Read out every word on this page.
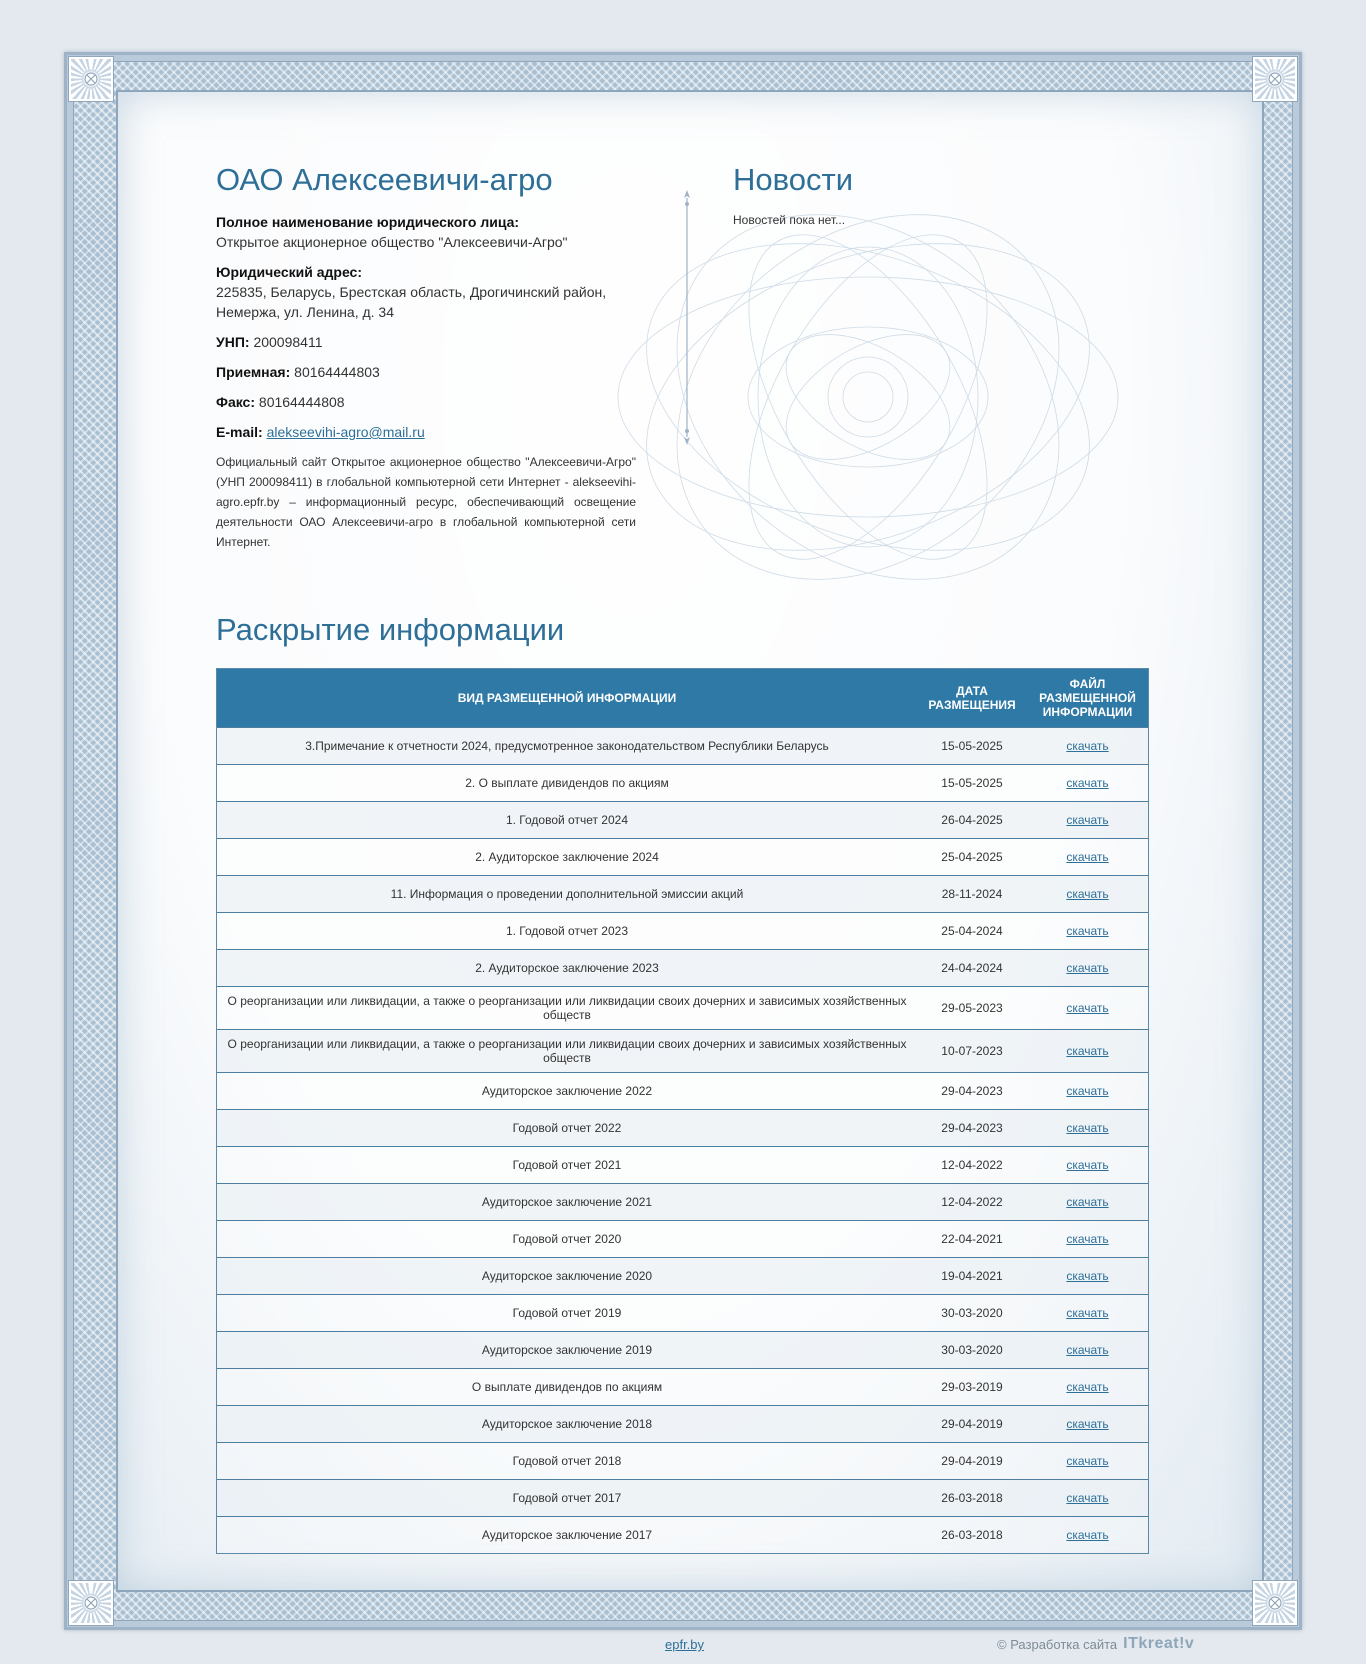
ОАО Алексеевичи-агро
Полное наименование юридического лица:
Открытое акционерное общество "Алексеевичи-Агро"
Юридический адрес:
225835, Беларусь, Брестская область, Дрогичинский район, Немержа, ул. Ленина, д. 34
УНП: 200098411
Приемная: 80164444803
Факс: 80164444808
E-mail: alekseevihi-agro@mail.ru
Официальный сайт Открытое акционерное общество "Алексеевичи-Агро" (УНП 200098411) в глобальной компьютерной сети Интернет - alekseevihi-agro.epfr.by – информационный ресурс, обеспечивающий освещение деятельности ОАО Алексеевичи-агро в глобальной компьютерной сети Интернет.
Новости
Новостей пока нет...
Раскрытие информации
ВИД РАЗМЕЩЕННОЙ ИНФОРМАЦИИ	ДАТА РАЗМЕЩЕНИЯ	ФАЙЛ РАЗМЕЩЕННОЙ ИНФОРМАЦИИ
3.Примечание к отчетности 2024, предусмотренное законодательством Республики Беларусь	15-05-2025	скачать
2. О выплате дивидендов по акциям	15-05-2025	скачать
1. Годовой отчет 2024	26-04-2025	скачать
2. Аудиторское заключение 2024	25-04-2025	скачать
11. Информация о проведении дополнительной эмиссии акций	28-11-2024	скачать
1. Годовой отчет 2023	25-04-2024	скачать
2. Аудиторское заключение 2023	24-04-2024	скачать
О реорганизации или ликвидации, а также о реорганизации или ликвидации своих дочерних и зависимых хозяйственных обществ	29-05-2023	скачать
О реорганизации или ликвидации, а также о реорганизации или ликвидации своих дочерних и зависимых хозяйственных обществ	10-07-2023	скачать
Аудиторское заключение 2022	29-04-2023	скачать
Годовой отчет 2022	29-04-2023	скачать
Годовой отчет 2021	12-04-2022	скачать
Аудиторское заключение 2021	12-04-2022	скачать
Годовой отчет 2020	22-04-2021	скачать
Аудиторское заключение 2020	19-04-2021	скачать
Годовой отчет 2019	30-03-2020	скачать
Аудиторское заключение 2019	30-03-2020	скачать
О выплате дивидендов по акциям	29-03-2019	скачать
Аудиторское заключение 2018	29-04-2019	скачать
Годовой отчет 2018	29-04-2019	скачать
Годовой отчет 2017	26-03-2018	скачать
Аудиторское заключение 2017	26-03-2018	скачать
epfr.by	© Разработка сайта ITkreat!v
